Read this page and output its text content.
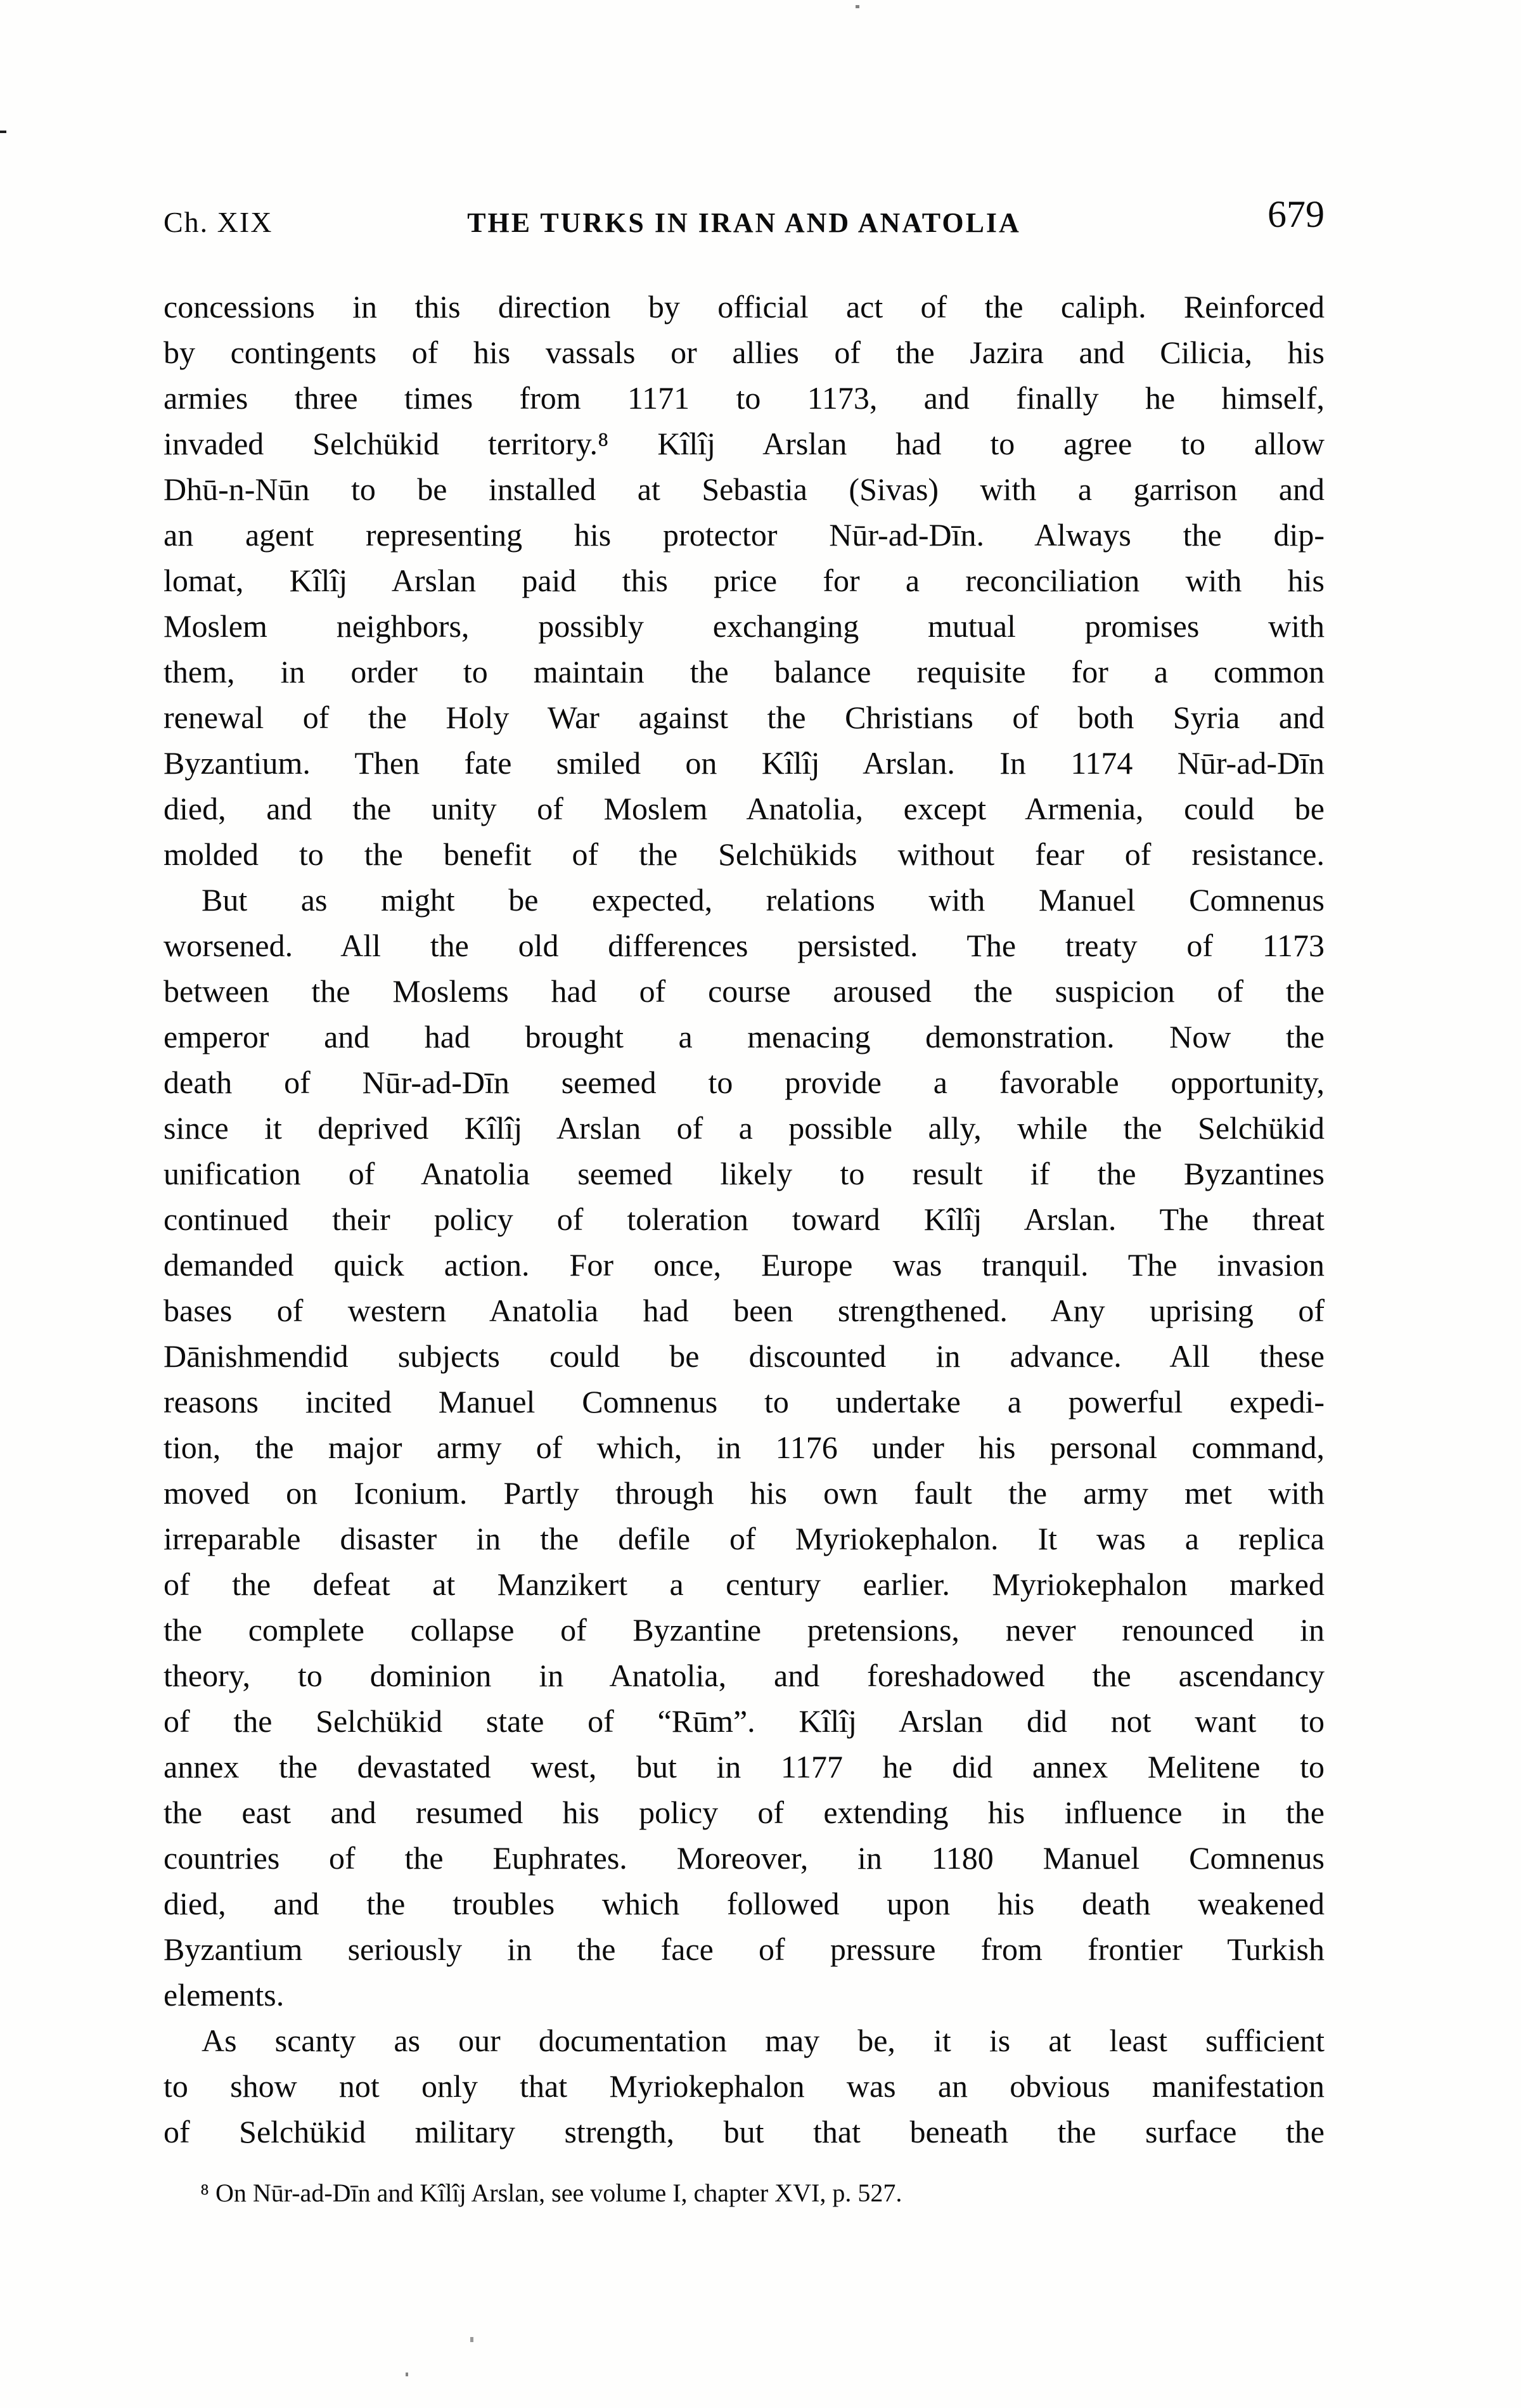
Ch. XIX	THE TURKS IN IRAN AND ANATOLIA	679
concessions in this direction by official act of the caliph. Reinforced
by contingents of his vassals or allies of the Jazira and Cilicia, his
armies three times from 1171 to 1173, and finally he himself,
invaded Selchükid territory.⁸ Kîlîj Arslan had to agree to allow
Dhū-n-Nūn to be installed at Sebastia (Sivas) with a garrison and
an agent representing his protector Nūr-ad-Dīn. Always the dip-
lomat, Kîlîj Arslan paid this price for a reconciliation with his
Moslem neighbors, possibly exchanging mutual promises with
them, in order to maintain the balance requisite for a common
renewal of the Holy War against the Christians of both Syria and
Byzantium. Then fate smiled on Kîlîj Arslan. In 1174 Nūr-ad-Dīn
died, and the unity of Moslem Anatolia, except Armenia, could be
molded to the benefit of the Selchükids without fear of resistance.
But as might be expected, relations with Manuel Comnenus
worsened. All the old differences persisted. The treaty of 1173
between the Moslems had of course aroused the suspicion of the
emperor and had brought a menacing demonstration. Now the
death of Nūr-ad-Dīn seemed to provide a favorable opportunity,
since it deprived Kîlîj Arslan of a possible ally, while the Selchükid
unification of Anatolia seemed likely to result if the Byzantines
continued their policy of toleration toward Kîlîj Arslan. The threat
demanded quick action. For once, Europe was tranquil. The invasion
bases of western Anatolia had been strengthened. Any uprising of
Dānishmendid subjects could be discounted in advance. All these
reasons incited Manuel Comnenus to undertake a powerful expedi-
tion, the major army of which, in 1176 under his personal command,
moved on Iconium. Partly through his own fault the army met with
irreparable disaster in the defile of Myriokephalon. It was a replica
of the defeat at Manzikert a century earlier. Myriokephalon marked
the complete collapse of Byzantine pretensions, never renounced in
theory, to dominion in Anatolia, and foreshadowed the ascendancy
of the Selchükid state of “Rūm”. Kîlîj Arslan did not want to
annex the devastated west, but in 1177 he did annex Melitene to
the east and resumed his policy of extending his influence in the
countries of the Euphrates. Moreover, in 1180 Manuel Comnenus
died, and the troubles which followed upon his death weakened
Byzantium seriously in the face of pressure from frontier Turkish
elements.
As scanty as our documentation may be, it is at least sufficient
to show not only that Myriokephalon was an obvious manifestation
of Selchükid military strength, but that beneath the surface the
⁸ On Nūr-ad-Dīn and Kîlîj Arslan, see volume I, chapter XVI, p. 527.
